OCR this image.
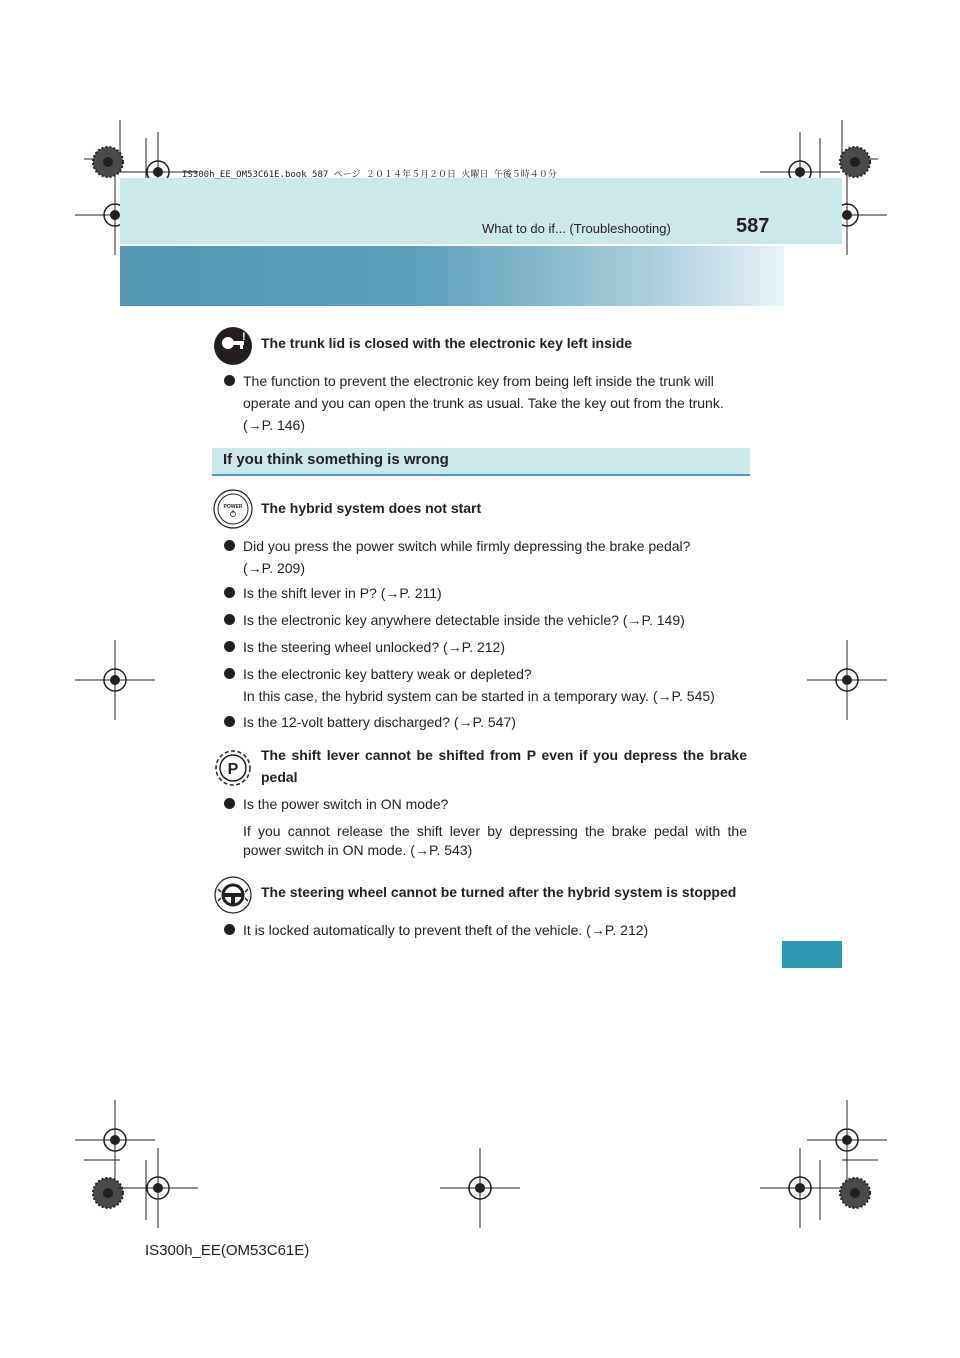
IS300h_EE_OM53C61E.book 587 ページ ２０１４年５月２０日 火曜日 午後５時４０分
What to do if... (Troubleshooting)	587
! The trunk lid is closed with the electronic key left inside
The function to prevent the electronic key from being left inside the trunk will
operate and you can open the trunk as usual. Take the key out from the trunk.
(→P. 146)
If you think something is wrong
POWER The hybrid system does not start
Did you press the power switch while firmly depressing the brake pedal?
(→P. 209)
Is the shift lever in P? (→P. 211)
Is the electronic key anywhere detectable inside the vehicle? (→P. 149)
Is the steering wheel unlocked? (→P. 212)
Is the electronic key battery weak or depleted?
In this case, the hybrid system can be started in a temporary way. (→P. 545)
Is the 12-volt battery discharged? (→P. 547)
P
The shift lever cannot be shifted from P even if you depress the brake
pedal
Is the power switch in ON mode?
If you cannot release the shift lever by depressing the brake pedal with the
power switch in ON mode. (→P. 543)
The steering wheel cannot be turned after the hybrid system is stopped
It is locked automatically to prevent theft of the vehicle. (→P. 212)
IS300h_EE(OM53C61E)
